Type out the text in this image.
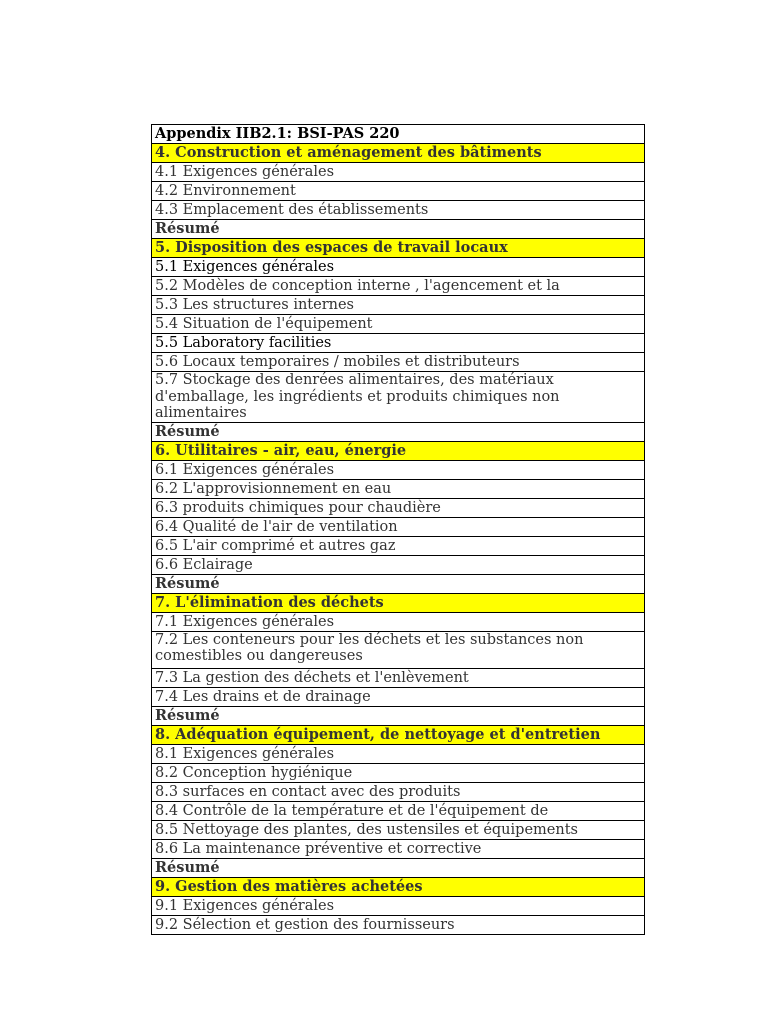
Appendix IIB2.1: BSI-PAS 220
4. Construction et aménagement des bâtiments
4.1 Exigences générales
4.2 Environnement
4.3 Emplacement des établissements
Résumé
5. Disposition des espaces de travail locaux
5.1 Exigences générales
5.2 Modèles de conception interne , l'agencement et la
5.3 Les structures internes
5.4 Situation de l'équipement
5.5 Laboratory facilities
5.6 Locaux temporaires / mobiles et distributeurs
5.7 Stockage des denrées alimentaires, des matériaux d'emballage, les ingrédients et produits chimiques non alimentaires
Résumé
6. Utilitaires - air, eau, énergie
6.1 Exigences générales
6.2 L'approvisionnement en eau
6.3 produits chimiques pour chaudière
6.4 Qualité de l'air de ventilation
6.5 L'air comprimé et autres gaz
6.6 Eclairage
Résumé
7. L'élimination des déchets
7.1 Exigences générales
7.2 Les conteneurs pour les déchets et les substances non comestibles ou dangereuses
7.3 La gestion des déchets et l'enlèvement
7.4 Les drains et de drainage
Résumé
8. Adéquation équipement, de nettoyage et d'entretien
8.1 Exigences générales
8.2 Conception hygiénique
8.3 surfaces en contact avec des produits
8.4 Contrôle de la température et de l'équipement de
8.5 Nettoyage des plantes, des ustensiles et équipements
8.6 La maintenance préventive et corrective
Résumé
9. Gestion des matières achetées
9.1 Exigences générales
9.2 Sélection et gestion des fournisseurs
